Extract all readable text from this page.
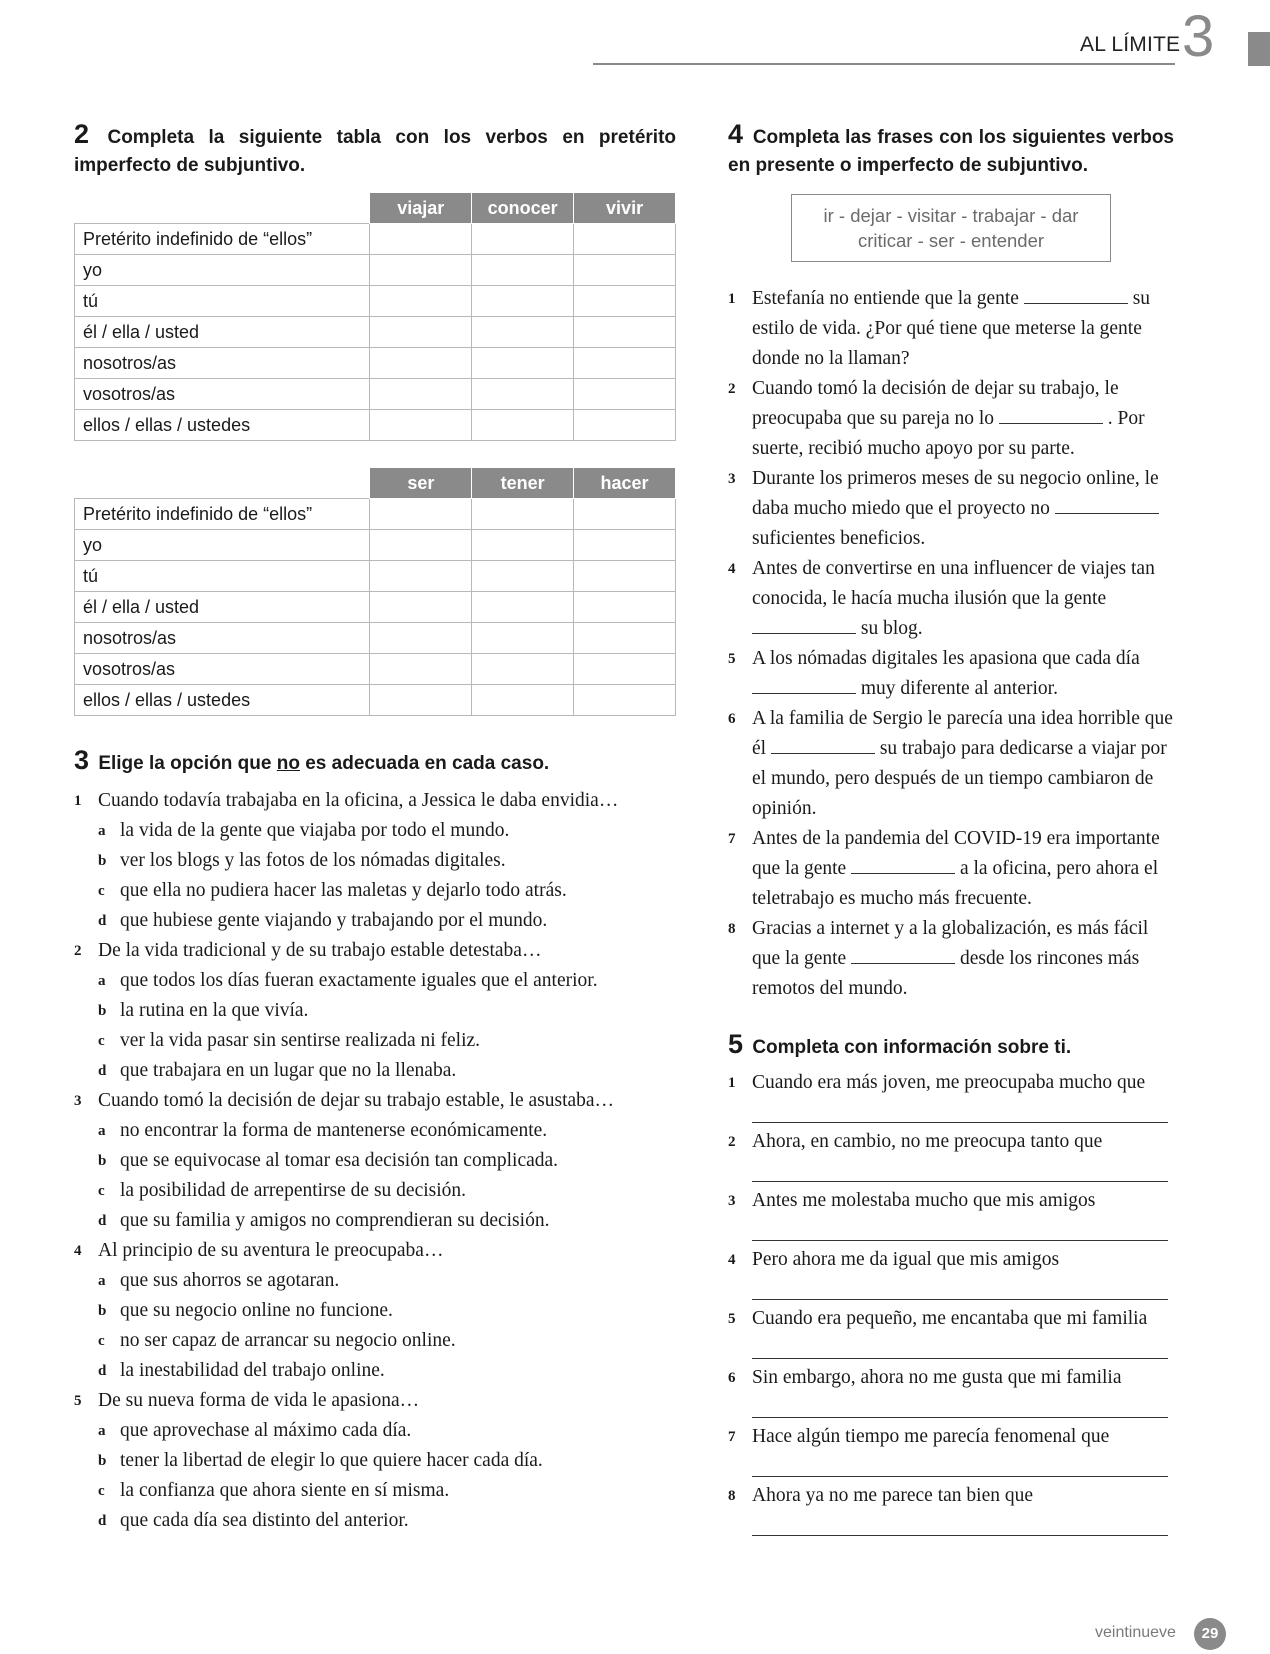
AL LÍMITE 3
2 Completa la siguiente tabla con los verbos en pretérito imperfecto de subjuntivo.
	viajar	conocer	vivir
Pretérito indefinido de “ellos”			
yo			
tú			
él / ella / usted			
nosotros/as			
vosotros/as			
ellos / ellas / ustedes			
	ser	tener	hacer
Pretérito indefinido de “ellos”			
yo			
tú			
él / ella / usted			
nosotros/as			
vosotros/as			
ellos / ellas / ustedes			
3 Elige la opción que no es adecuada en cada caso.
1 Cuando todavía trabajaba en la oficina, a Jessica le daba envidia…
a la vida de la gente que viajaba por todo el mundo.
b ver los blogs y las fotos de los nómadas digitales.
c que ella no pudiera hacer las maletas y dejarlo todo atrás.
d que hubiese gente viajando y trabajando por el mundo.
2 De la vida tradicional y de su trabajo estable detestaba…
a que todos los días fueran exactamente iguales que el anterior.
b la rutina en la que vivía.
c ver la vida pasar sin sentirse realizada ni feliz.
d que trabajara en un lugar que no la llenaba.
3 Cuando tomó la decisión de dejar su trabajo estable, le asustaba…
a no encontrar la forma de mantenerse económicamente.
b que se equivocase al tomar esa decisión tan complicada.
c la posibilidad de arrepentirse de su decisión.
d que su familia y amigos no comprendieran su decisión.
4 Al principio de su aventura le preocupaba…
a que sus ahorros se agotaran.
b que su negocio online no funcione.
c no ser capaz de arrancar su negocio online.
d la inestabilidad del trabajo online.
5 De su nueva forma de vida le apasiona…
a que aprovechase al máximo cada día.
b tener la libertad de elegir lo que quiere hacer cada día.
c la confianza que ahora siente en sí misma.
d que cada día sea distinto del anterior.
4 Completa las frases con los siguientes verbos en presente o imperfecto de subjuntivo.
ir - dejar - visitar - trabajar - dar
criticar - ser - entender
1 Estefanía no entiende que la gente	su estilo de vida. ¿Por qué tiene que meterse la gente donde no la llaman?
2 Cuando tomó la decisión de dejar su trabajo, le preocupaba que su pareja no lo	. Por suerte, recibió mucho apoyo por su parte.
3 Durante los primeros meses de su negocio online, le daba mucho miedo que el proyecto no  suficientes beneficios.
4 Antes de convertirse en una influencer de viajes tan conocida, le hacía mucha ilusión que la gente  su blog.
5 A los nómadas digitales les apasiona que cada día  muy diferente al anterior.
6 A la familia de Sergio le parecía una idea horrible que él	su trabajo para dedicarse a viajar por el mundo, pero después de un tiempo cambiaron de opinión.
7 Antes de la pandemia del COVID-19 era importante que la gente	a la oficina, pero ahora el teletrabajo es mucho más frecuente.
8 Gracias a internet y a la globalización, es más fácil que la gente	desde los rincones más remotos del mundo.
5 Completa con información sobre ti.
1 Cuando era más joven, me preocupaba mucho que
2 Ahora, en cambio, no me preocupa tanto que
3 Antes me molestaba mucho que mis amigos
4 Pero ahora me da igual que mis amigos
5 Cuando era pequeño, me encantaba que mi familia
6 Sin embargo, ahora no me gusta que mi familia
7 Hace algún tiempo me parecía fenomenal que
8 Ahora ya no me parece tan bien que
veintinueve	29
